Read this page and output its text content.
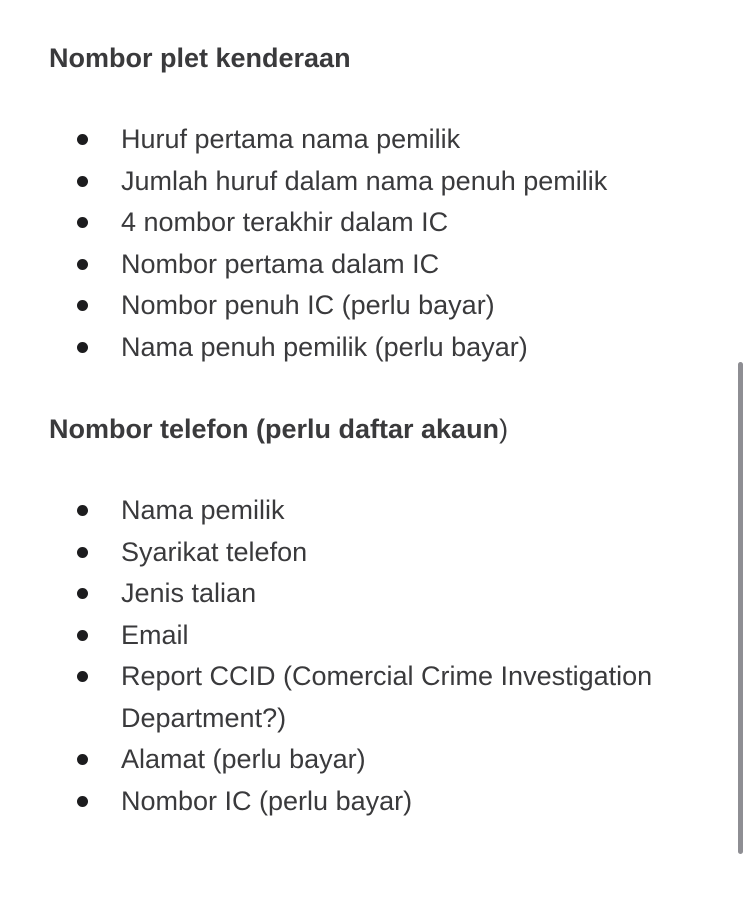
Nombor plet kenderaan
Huruf pertama nama pemilik
Jumlah huruf dalam nama penuh pemilik
4 nombor terakhir dalam IC
Nombor pertama dalam IC
Nombor penuh IC (perlu bayar)
Nama penuh pemilik (perlu bayar)
Nombor telefon (perlu daftar akaun)
Nama pemilik
Syarikat telefon
Jenis talian
Email
Report CCID (Comercial Crime Investigation Department?)
Alamat (perlu bayar)
Nombor IC (perlu bayar)
